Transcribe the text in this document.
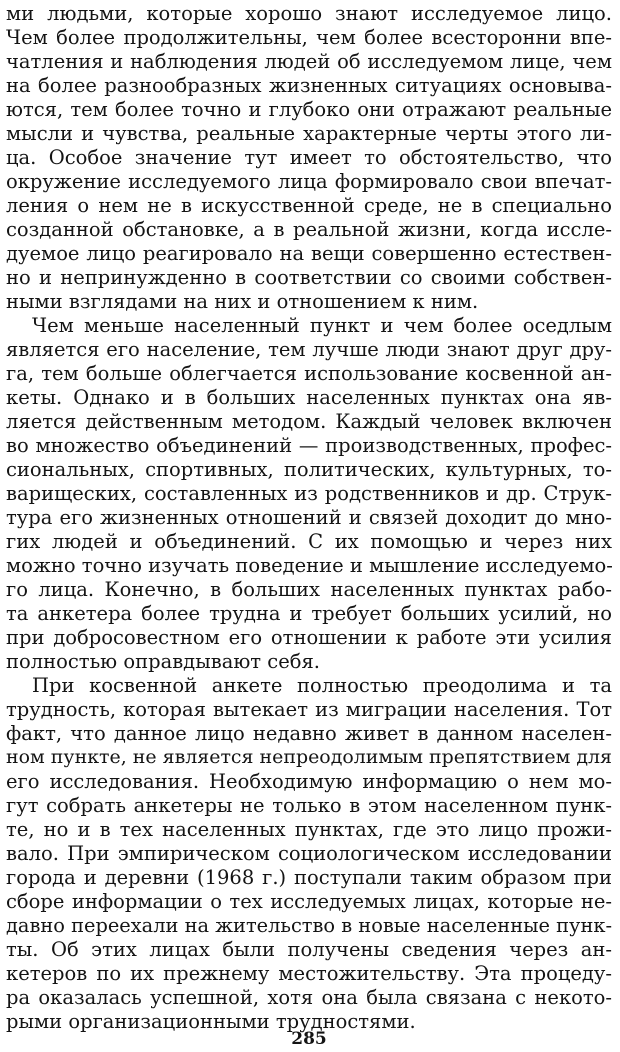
ми людьми, которые хорошо знают исследуемое лицо.
Чем более продолжительны, чем более всесторонни впе-
чатления и наблюдения людей об исследуемом лице, чем
на более разнообразных жизненных ситуациях основыва-
ются, тем более точно и глубоко они отражают реальные
мысли и чувства, реальные характерные черты этого ли-
ца. Особое значение тут имеет то обстоятельство, что
окружение исследуемого лица формировало свои впечат-
ления о нем не в искусственной среде, не в специально
созданной обстановке, а в реальной жизни, когда иссле-
дуемое лицо реагировало на вещи совершенно естествен-
но и непринужденно в соответствии со своими собствен-
ными взглядами на них и отношением к ним.
Чем меньше населенный пункт и чем более оседлым
является его население, тем лучше люди знают друг дру-
га, тем больше облегчается использование косвенной ан-
кеты. Однако и в больших населенных пунктах она яв-
ляется действенным методом. Каждый человек включен
во множество объединений — производственных, профес-
сиональных, спортивных, политических, культурных, то-
варищеских, составленных из родственников и др. Струк-
тура его жизненных отношений и связей доходит до мно-
гих людей и объединений. С их помощью и через них
можно точно изучать поведение и мышление исследуемо-
го лица. Конечно, в больших населенных пунктах рабо-
та анкетера более трудна и требует больших усилий, но
при добросовестном его отношении к работе эти усилия
полностью оправдывают себя.
При косвенной анкете полностью преодолима и та
трудность, которая вытекает из миграции населения. Тот
факт, что данное лицо недавно живет в данном населен-
ном пункте, не является непреодолимым препятствием для
его исследования. Необходимую информацию о нем мо-
гут собрать анкетеры не только в этом населенном пунк-
те, но и в тех населенных пунктах, где это лицо прожи-
вало. При эмпирическом социологическом исследовании
города и деревни (1968 г.) поступали таким образом при
сборе информации о тех исследуемых лицах, которые не-
давно переехали на жительство в новые населенные пунк-
ты. Об этих лицах были получены сведения через ан-
кетеров по их прежнему местожительству. Эта процеду-
ра оказалась успешной, хотя она была связана с некото-
285
рыми организационными трудностями.
